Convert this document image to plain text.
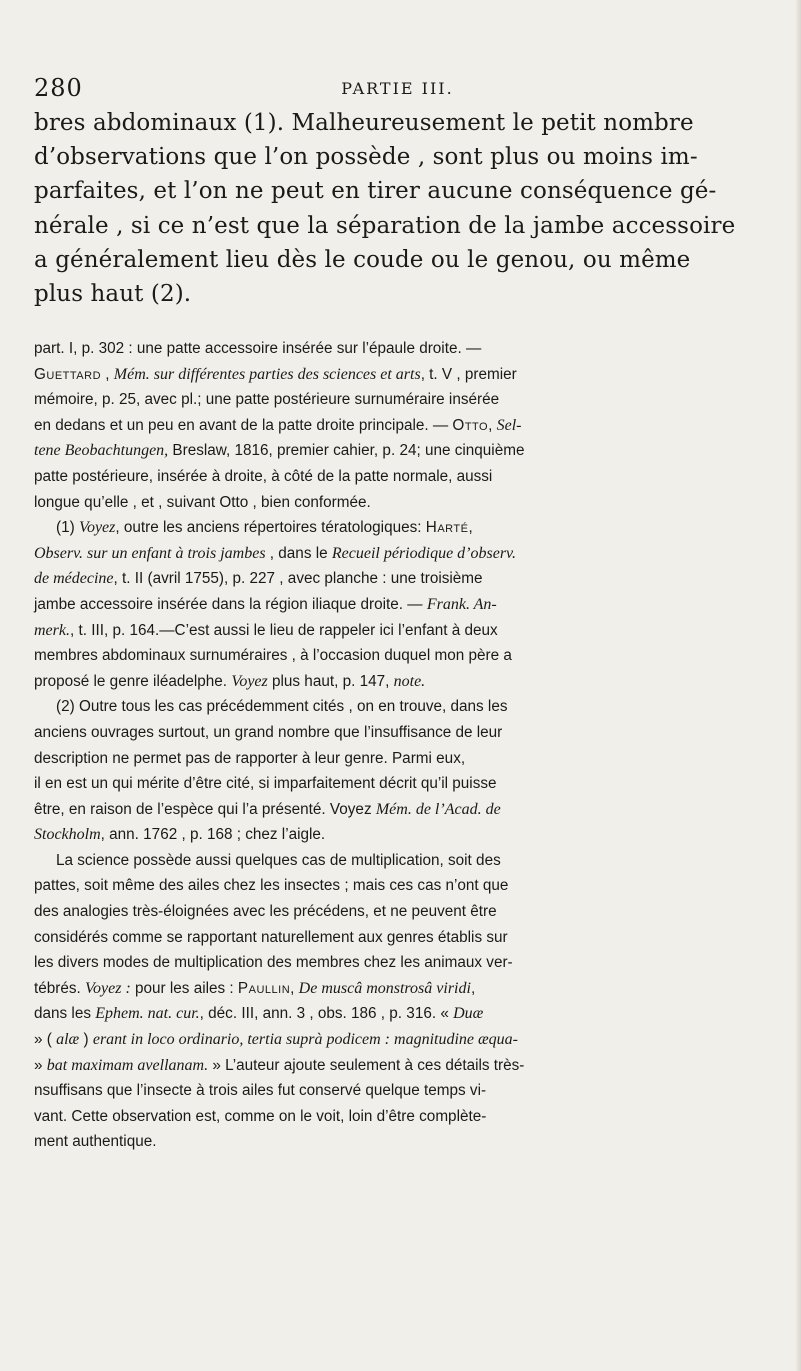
280	PARTIE III.
bres abdominaux (1). Malheureusement le petit nombre
d’observations que l’on possède , sont plus ou moins im-
parfaites, et l’on ne peut en tirer aucune conséquence gé-
nérale , si ce n’est que la séparation de la jambe accessoire
a généralement lieu dès le coude ou le genou, ou même
plus haut (2).
part. I, p. 302 : une patte accessoire insérée sur l’épaule droite. —
Guettard , Mém. sur différentes parties des sciences et arts, t. V , premier
mémoire, p. 25, avec pl.; une patte postérieure surnuméraire insérée
en dedans et un peu en avant de la patte droite principale. — Otto, Sel-
tene Beobachtungen, Breslaw, 1816, premier cahier, p. 24; une cinquième
patte postérieure, insérée à droite, à côté de la patte normale, aussi
longue qu’elle , et , suivant Otto , bien conformée.
(1) Voyez, outre les anciens répertoires tératologiques: Harté,
Observ. sur un enfant à trois jambes , dans le Recueil périodique d’observ.
de médecine, t. II (avril 1755), p. 227 , avec planche : une troisième
jambe accessoire insérée dans la région iliaque droite. — Frank. An-
merk., t. III, p. 164.—C’est aussi le lieu de rappeler ici l’enfant à deux
membres abdominaux surnuméraires , à l’occasion duquel mon père a
proposé le genre iléadelphe. Voyez plus haut, p. 147, note.
(2) Outre tous les cas précédemment cités , on en trouve, dans les
anciens ouvrages surtout, un grand nombre que l’insuffisance de leur
description ne permet pas de rapporter à leur genre. Parmi eux,
il en est un qui mérite d’être cité, si imparfaitement décrit qu’il puisse
être, en raison de l’espèce qui l’a présenté. Voyez Mém. de l’Acad. de
Stockholm, ann. 1762 , p. 168 ; chez l’aigle.
La science possède aussi quelques cas de multiplication, soit des
pattes, soit même des ailes chez les insectes ; mais ces cas n’ont que
des analogies très-éloignées avec les précédens, et ne peuvent être
considérés comme se rapportant naturellement aux genres établis sur
les divers modes de multiplication des membres chez les animaux ver-
tébrés. Voyez : pour les ailes : Paullin, De muscâ monstrosâ viridi,
dans les Ephem. nat. cur., déc. III, ann. 3 , obs. 186 , p. 316. « Duæ
» ( alæ ) erant in loco ordinario, tertia suprà podicem : magnitudine æqua-
» bat maximam avellanam. » L’auteur ajoute seulement à ces détails très-
nsuffisans que l’insecte à trois ailes fut conservé quelque temps vi-
vant. Cette observation est, comme on le voit, loin d’être complète-
ment authentique.
